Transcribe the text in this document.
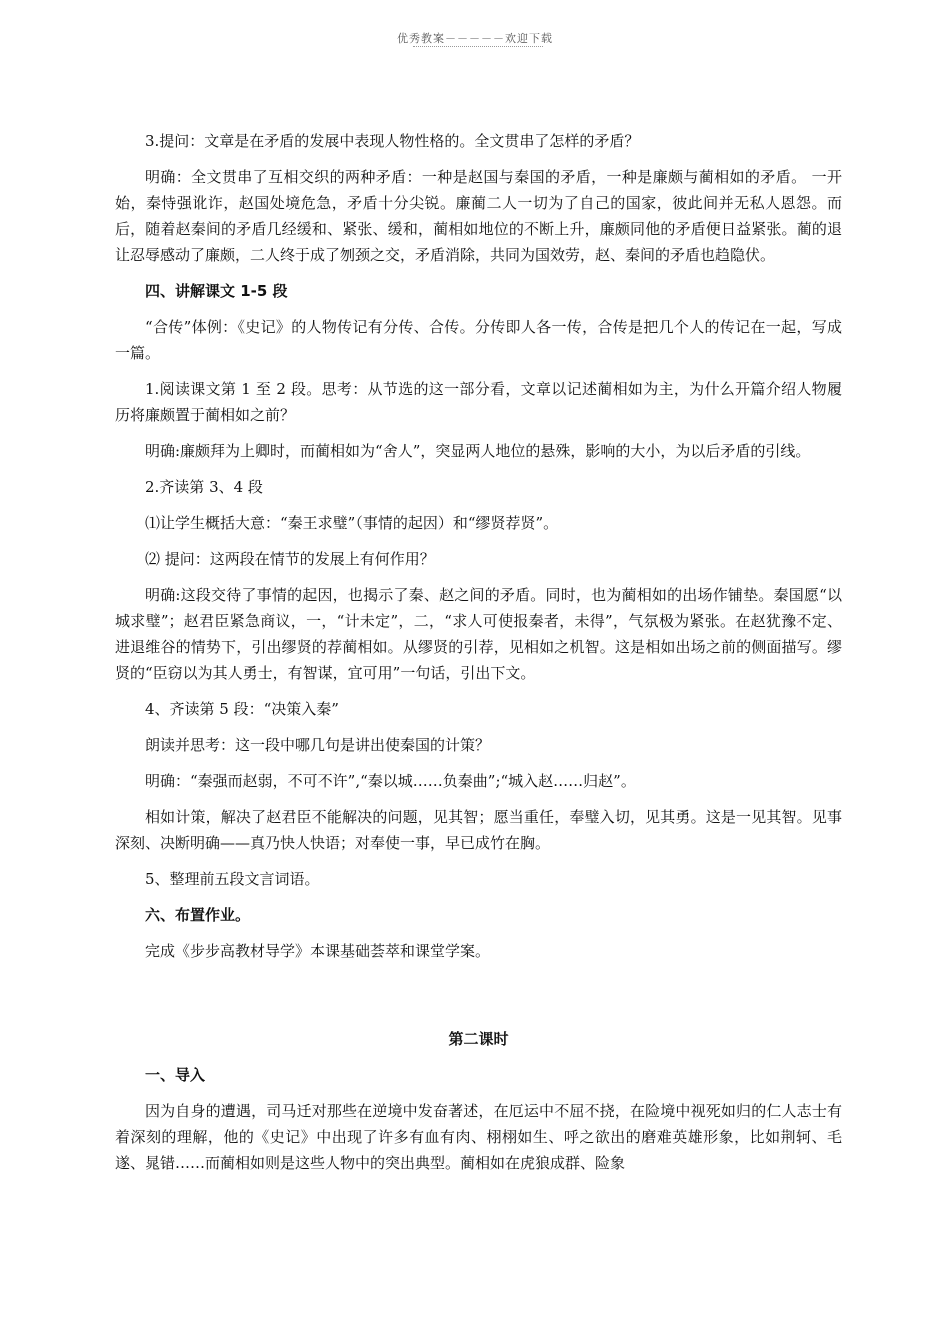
优秀教案－－－－－欢迎下载

3.提问：文章是在矛盾的发展中表现人物性格的。全文贯串了怎样的矛盾？

明确：全文贯串了互相交织的两种矛盾：一种是赵国与秦国的矛盾，一种是廉颇与蔺相如的矛盾。 一开始，秦恃强讹诈，赵国处境危急，矛盾十分尖锐。廉蔺二人一切为了自己的国家，彼此间并无私人恩怨。而后，随着赵秦间的矛盾几经缓和、紧张、缓和，蔺相如地位的不断上升，廉颇同他的矛盾便日益紧张。蔺的退让忍辱感动了廉颇，二人终于成了刎颈之交，矛盾消除，共同为国效劳，赵、秦间的矛盾也趋隐伏。

四、讲解课文 1-5 段

“合传”体例：《史记》的人物传记有分传、合传。分传即人各一传，合传是把几个人的传记在一起，写成一篇。

1.阅读课文第 1 至 2 段。思考：从节选的这一部分看，文章以记述蔺相如为主，为什么开篇介绍人物履历将廉颇置于蔺相如之前？

明确:廉颇拜为上卿时，而蔺相如为“舍人”，突显两人地位的悬殊，影响的大小，为以后矛盾的引线。

2.齐读第 3、4 段

⑴让学生概括大意：“秦王求璧”（事情的起因）和“缪贤荐贤”。

⑵ 提问：这两段在情节的发展上有何作用？

明确:这段交待了事情的起因，也揭示了秦、赵之间的矛盾。同时，也为蔺相如的出场作铺垫。秦国愿“以城求璧”；赵君臣紧急商议，一，“计未定”，二，“求人可使报秦者，未得”，气氛极为紧张。在赵犹豫不定、进退维谷的情势下，引出缪贤的荐蔺相如。从缪贤的引荐，见相如之机智。这是相如出场之前的侧面描写。缪贤的“臣窃以为其人勇士，有智谋，宜可用”一句话，引出下文。

4、齐读第 5 段：“决策入秦”

朗读并思考：这一段中哪几句是讲出使秦国的计策？

明确：“秦强而赵弱，不可不许”,“秦以城……负秦曲”;“城入赵……归赵”。

相如计策，解决了赵君臣不能解决的问题，见其智；愿当重任，奉璧入切，见其勇。这是一见其智。见事深刻、决断明确——真乃快人快语；对奉使一事，早已成竹在胸。

5、整理前五段文言词语。

六、布置作业。

完成《步步高教材导学》本课基础荟萃和课堂学案。

第二课时

一、导入

因为自身的遭遇，司马迁对那些在逆境中发奋著述，在厄运中不屈不挠，在险境中视死如归的仁人志士有着深刻的理解，他的《史记》中出现了许多有血有肉、栩栩如生、呼之欲出的磨难英雄形象，比如荆轲、毛遂、晁错……而蔺相如则是这些人物中的突出典型。蔺相如在虎狼成群、险象
